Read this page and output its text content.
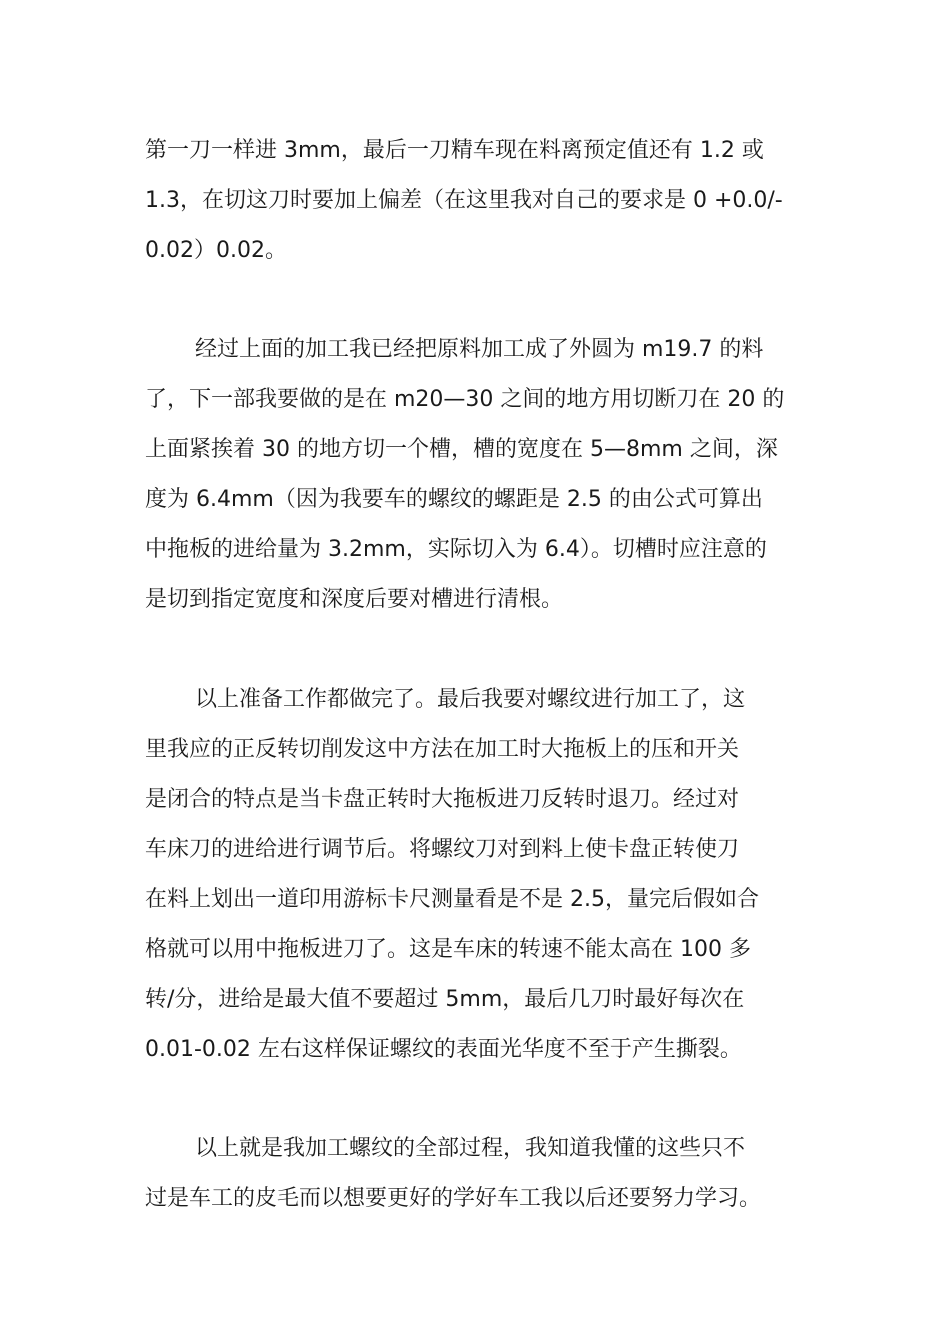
第一刀一样进 3mm，最后一刀精车现在料离预定值还有 1.2 或
1.3，在切这刀时要加上偏差（在这里我对自己的要求是 0 +0.0/-
0.02）0.02。
经过上面的加工我已经把原料加工成了外圆为 m19.7 的料
了，下一部我要做的是在 m20—30 之间的地方用切断刀在 20 的
上面紧挨着 30 的地方切一个槽，槽的宽度在 5—8mm 之间，深
度为 6.4mm（因为我要车的螺纹的螺距是 2.5 的由公式可算出
中拖板的进给量为 3.2mm，实际切入为 6.4）。切槽时应注意的
是切到指定宽度和深度后要对槽进行清根。
以上准备工作都做完了。最后我要对螺纹进行加工了，这
里我应的正反转切削发这中方法在加工时大拖板上的压和开关
是闭合的特点是当卡盘正转时大拖板进刀反转时退刀。经过对
车床刀的进给进行调节后。将螺纹刀对到料上使卡盘正转使刀
在料上划出一道印用游标卡尺测量看是不是 2.5，量完后假如合
格就可以用中拖板进刀了。这是车床的转速不能太高在 100 多
转/分，进给是最大值不要超过 5mm，最后几刀时最好每次在
0.01-0.02 左右这样保证螺纹的表面光华度不至于产生撕裂。
以上就是我加工螺纹的全部过程，我知道我懂的这些只不
过是车工的皮毛而以想要更好的学好车工我以后还要努力学习。
